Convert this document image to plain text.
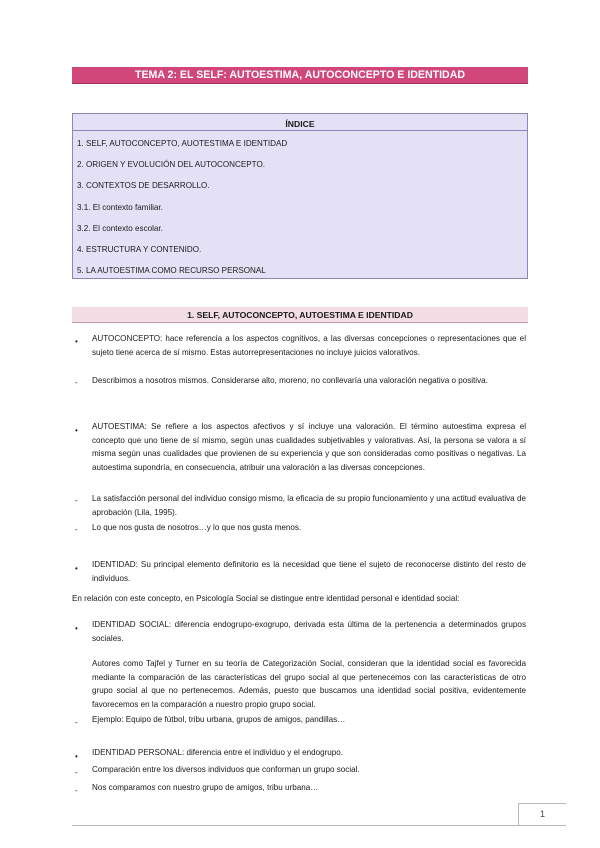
TEMA 2: EL SELF: AUTOESTIMA, AUTOCONCEPTO E IDENTIDAD
ÍNDICE
1. SELF, AUTOCONCEPTO, AUOTESTIMA E IDENTIDAD
2. ORIGEN Y EVOLUCIÓN DEL AUTOCONCEPTO.
3. CONTEXTOS DE DESARROLLO.
3.1. El contexto familiar.
3.2. El contexto escolar.
4. ESTRUCTURA Y CONTENIDO.
5. LA AUTOESTIMA COMO RECURSO PERSONAL
1. SELF, AUTOCONCEPTO, AUTOESTIMA E IDENTIDAD
• AUTOCONCEPTO: hace referencia a los aspectos cognitivos, a las diversas concepciones o representaciones que el sujeto tiene acerca de sí mismo. Estas autorrepresentaciones no incluye juicios valorativos.

- Describimos a nosotros mismos. Considerarse alto, moreno, no conllevaría una valoración negativa o positiva.

• AUTOESTIMA: Se refiere a los aspectos afectivos y sí incluye una valoración. El término autoestima expresa el concepto que uno tiene de sí mismo, según unas cualidades subjetivables y valorativas. Así, la persona se valora a sí misma según unas cualidades que provienen de su experiencia y que son consideradas como positivas o negativas. La autoestima supondría, en consecuencia, atribuir una valoración a las diversas concepciones.

- La satisfacción personal del individuo consigo mismo, la eficacia de su propio funcionamiento y una actitud evaluativa de aprobación (Lila, 1995).

- Lo que nos gusta de nosotros…y lo que nos gusta menos.

• IDENTIDAD: Su principal elemento definitorio es la necesidad que tiene el sujeto de reconocerse distinto del resto de individuos.

En relación con este concepto, en Psicología Social se distingue entre identidad personal e identidad social:

• IDENTIDAD SOCIAL: diferencia endogrupo-exogrupo, derivada esta última de la pertenencia a determinados grupos sociales.

Autores como Tajfel y Turner en su teoría de Categorización Social, consideran que la identidad social es favorecida mediante la comparación de las características del grupo social al que pertenecemos con las características de otro grupo social al que no pertenecemos. Además, puesto que buscamos una identidad social positiva, evidentemente favorecemos en la comparación a nuestro propio grupo social.

- Ejemplo: Equipo de fútbol, tribu urbana, grupos de amigos, pandillas…

• IDENTIDAD PERSONAL: diferencia entre el individuo y el endogrupo.

- Comparación entre los diversos individuos que conforman un grupo social.

- Nos comparamos con nuestro grupo de amigos, tribu urbana…

1
